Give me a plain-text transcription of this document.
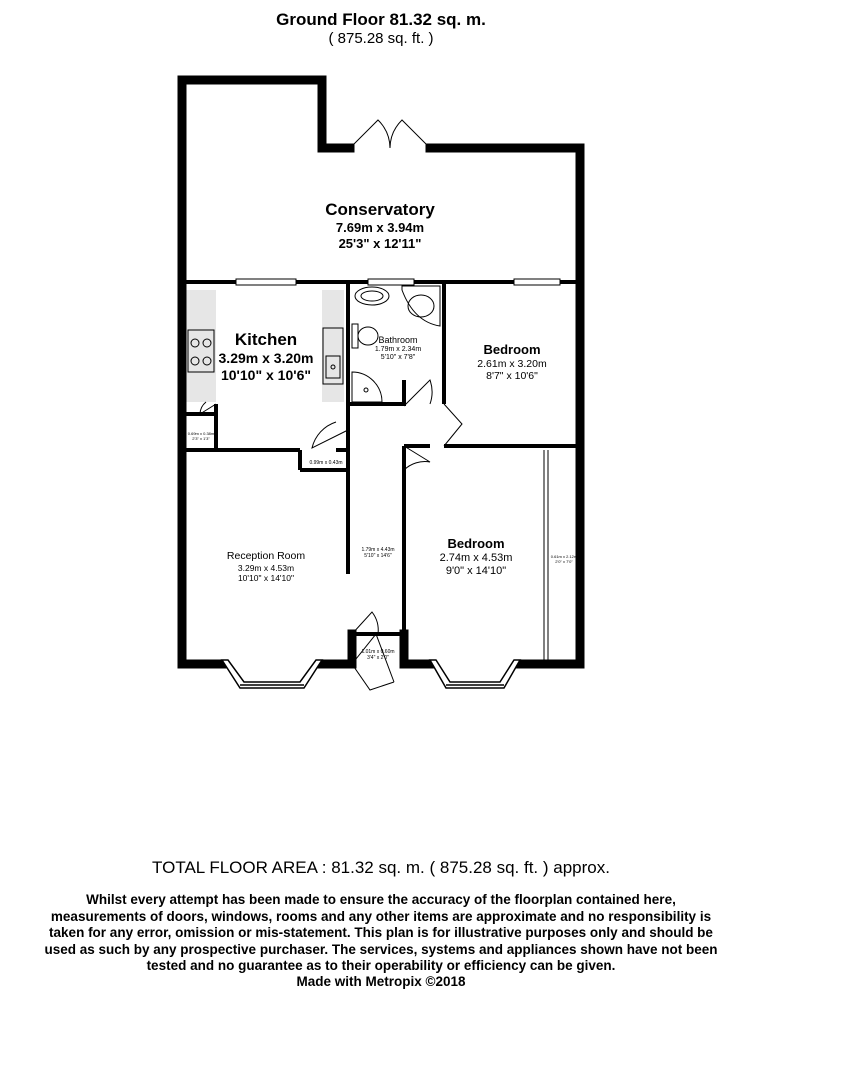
Ground Floor 81.32 sq. m.
( 875.28 sq. ft. )
Conservatory
7.69m x 3.94m
25'3" x 12'11"
Kitchen
3.29m x 3.20m
10'10" x 10'6"
Bathroom
1.79m x 2.34m
5'10" x 7'8"
Bedroom
2.61m x 3.20m
8'7" x 10'6"
Reception Room
3.29m x 4.53m
10'10" x 14'10"
Bedroom
2.74m x 4.53m
9'0" x 14'10"
1.79m x 4.43m
5'10" x 14'6"
0.99m x 0.43m
1.01m x 0.60m
3'4" x 2'0"
0.69m x 0.38m
2'3" x 1'3"
0.61m x 2.12m
2'0" x 7'0"
TOTAL FLOOR AREA : 81.32 sq. m. ( 875.28 sq. ft. ) approx.
Whilst every attempt has been made to ensure the accuracy of the floorplan contained here, measurements of doors, windows, rooms and any other items are approximate and no responsibility is taken for any error, omission or mis-statement. This plan is for illustrative purposes only and should be used as such by any prospective purchaser. The services, systems and appliances shown have not been tested and no guarantee as to their operability or efficiency can be given.
Made with Metropix ©2018
